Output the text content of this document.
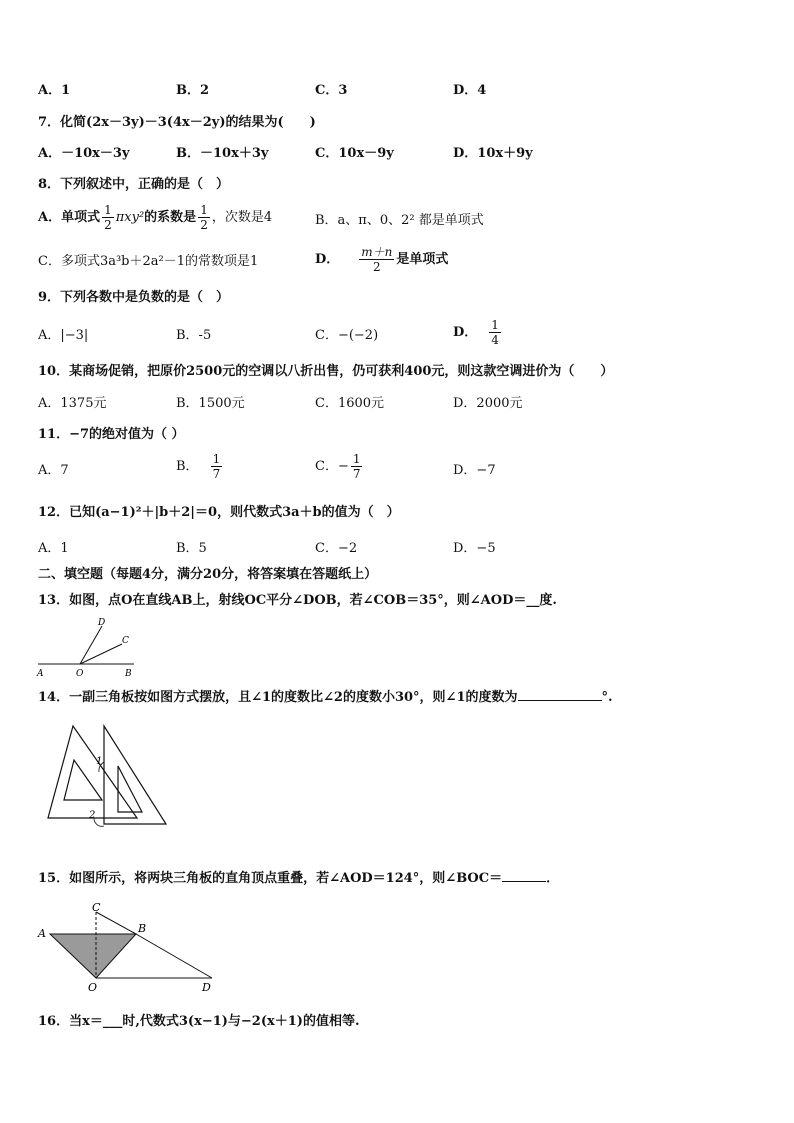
A．1	B．2	C．3	D．4
7．化简(2x－3y)－3(4x－2y)的结果为(　　)
A．－10x－3y	B．－10x＋3y	C．10x－9y	D．10x＋9y
8．下列叙述中，正确的是（　）
A．单项式 $\frac{1}{2} \pi xy^2$的系数是 $\frac{1}{2}$ ，次数是4	B．a、π、0、2² 都是单项式
C．多项式3a³b＋2a²－1的常数项是1	D． $\frac{m+n}{2}$ 是单项式
9．下列各数中是负数的是（　）
A．|−3|	B．-5	C．−(−2)	D． $\frac{1}{4}$
10．某商场促销，把原价2500元的空调以八折出售，仍可获利400元，则这款空调进价为（　　）
A．1375元	B．1500元	C．1600元	D．2000元
11．−7的绝对值为（ ）
A．7	B． $\frac{1}{7}$	C．− $\frac{1}{7}$	D．−7
12．已知(a−1)²＋|b＋2|＝0，则代数式3a＋b的值为（　）
A．1	B．5	C．−2	D．−5
二、填空题（每题4分，满分20分，将答案填在答题纸上）
13．如图，点O在直线AB上，射线OC平分∠DOB，若∠COB＝35°，则∠AOD＝__度.
D
C
A	O	B
14．一副三角板按如图方式摆放，且∠1的度数比∠2的度数小30°，则∠1的度数为	°.
1
2
15．如图所示，将两块三角板的直角顶点重叠，若∠AOD＝124°，则∠BOC＝	．
C
A	B
O	D
16．当x＝___时,代数式3(x−1)与−2(x＋1)的值相等.
